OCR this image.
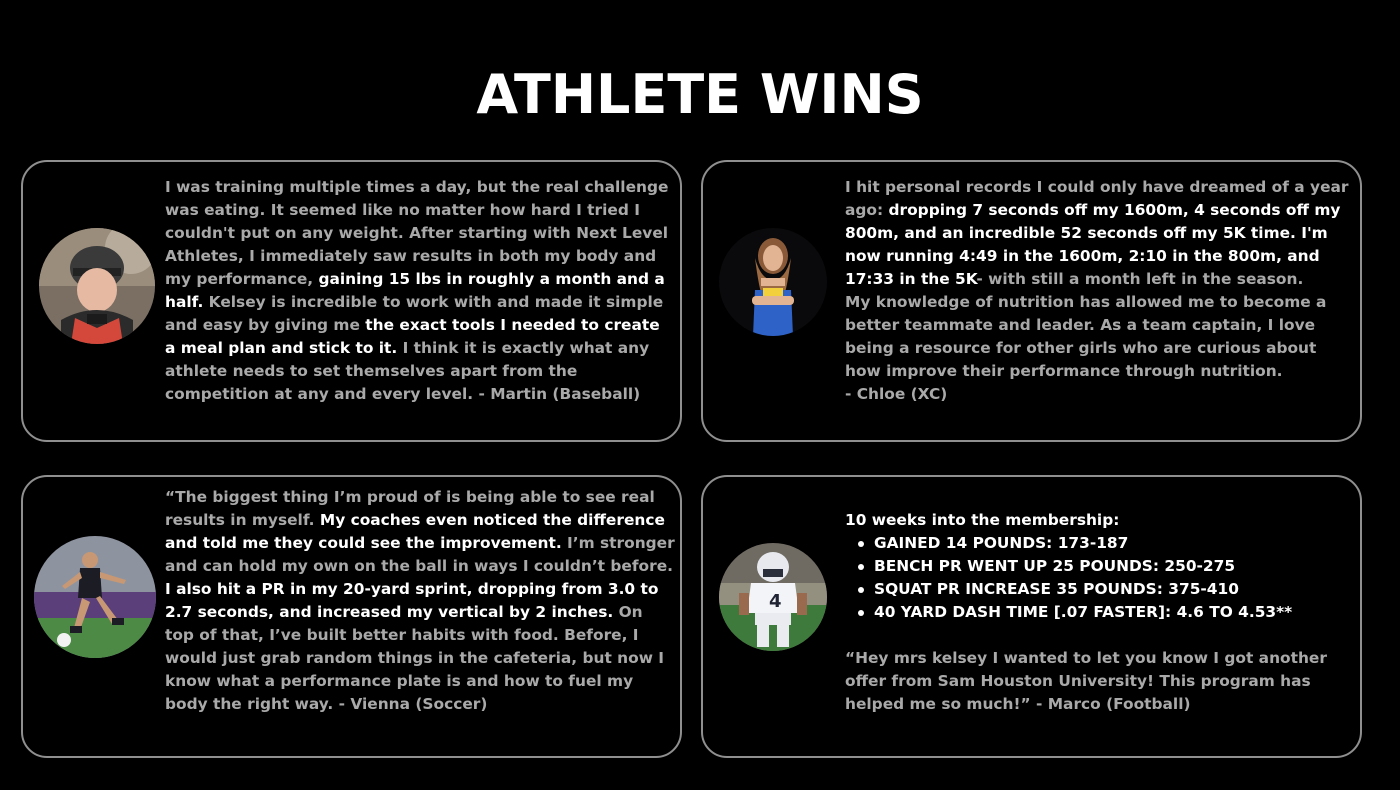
ATHLETE WINS
I was training multiple times a day, but the real challenge was eating. It seemed like no matter how hard I tried I couldn't put on any weight. After starting with Next Level Athletes, I immediately saw results in both my body and my performance, gaining 15 lbs in roughly a month and a half. Kelsey is incredible to work with and made it simple and easy by giving me the exact tools I needed to create a meal plan and stick to it. I think it is exactly what any athlete needs to set themselves apart from the competition at any and every level. - Martin (Baseball)
I hit personal records I could only have dreamed of a year ago: dropping 7 seconds off my 1600m, 4 seconds off my 800m, and an incredible 52 seconds off my 5K time. I'm now running 4:49 in the 1600m, 2:10 in the 800m, and 17:33 in the 5K- with still a month left in the season.
My knowledge of nutrition has allowed me to become a better teammate and leader. As a team captain, I love being a resource for other girls who are curious about how improve their performance through nutrition.
- Chloe (XC)
“The biggest thing I’m proud of is being able to see real results in myself. My coaches even noticed the difference and told me they could see the improvement. I’m stronger and can hold my own on the ball in ways I couldn’t before. I also hit a PR in my 20-yard sprint, dropping from 3.0 to 2.7 seconds, and increased my vertical by 2 inches. On top of that, I’ve built better habits with food. Before, I would just grab random things in the cafeteria, but now I know what a performance plate is and how to fuel my body the right way. - Vienna (Soccer)
4
10 weeks into the membership:
GAINED 14 POUNDS: 173-187
BENCH PR WENT UP 25 POUNDS: 250-275
SQUAT PR INCREASE 35 POUNDS: 375-410
40 YARD DASH TIME [.07 FASTER]: 4.6 TO 4.53**
“Hey mrs kelsey I wanted to let you know I got another offer from Sam Houston University! This program has helped me so much!” - Marco (Football)
